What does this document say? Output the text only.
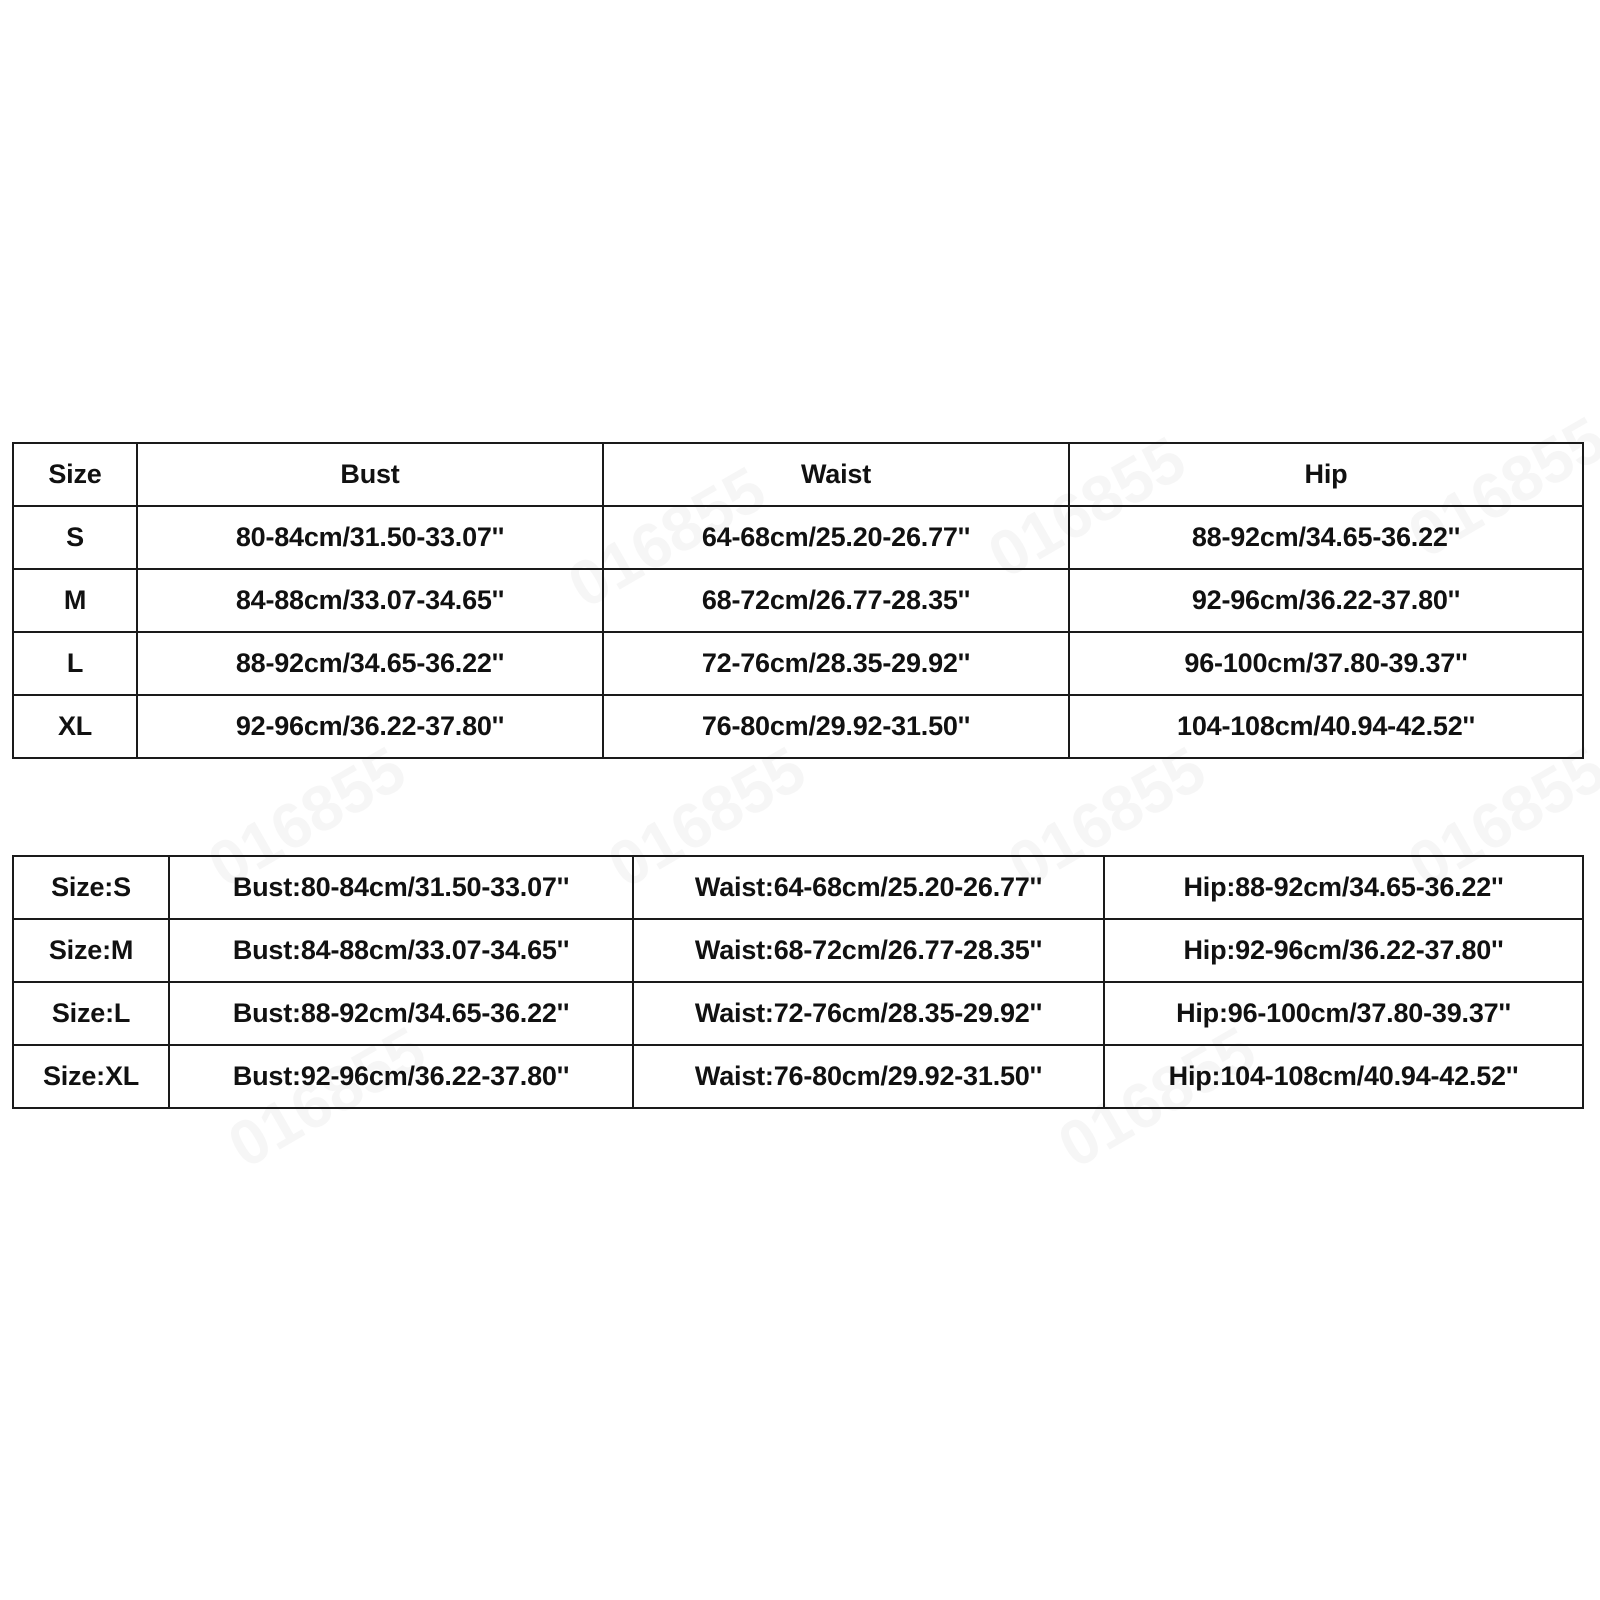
Size	Bust	Waist	Hip
S	80-84cm/31.50-33.07''	64-68cm/25.20-26.77''	88-92cm/34.65-36.22''
M	84-88cm/33.07-34.65''	68-72cm/26.77-28.35''	92-96cm/36.22-37.80''
L	88-92cm/34.65-36.22''	72-76cm/28.35-29.92''	96-100cm/37.80-39.37''
XL	92-96cm/36.22-37.80''	76-80cm/29.92-31.50''	104-108cm/40.94-42.52''
Size:S	Bust:80-84cm/31.50-33.07''	Waist:64-68cm/25.20-26.77''	Hip:88-92cm/34.65-36.22''
Size:M	Bust:84-88cm/33.07-34.65''	Waist:68-72cm/26.77-28.35''	Hip:92-96cm/36.22-37.80''
Size:L	Bust:88-92cm/34.65-36.22''	Waist:72-76cm/28.35-29.92''	Hip:96-100cm/37.80-39.37''
Size:XL	Bust:92-96cm/36.22-37.80''	Waist:76-80cm/29.92-31.50''	Hip:104-108cm/40.94-42.52''
